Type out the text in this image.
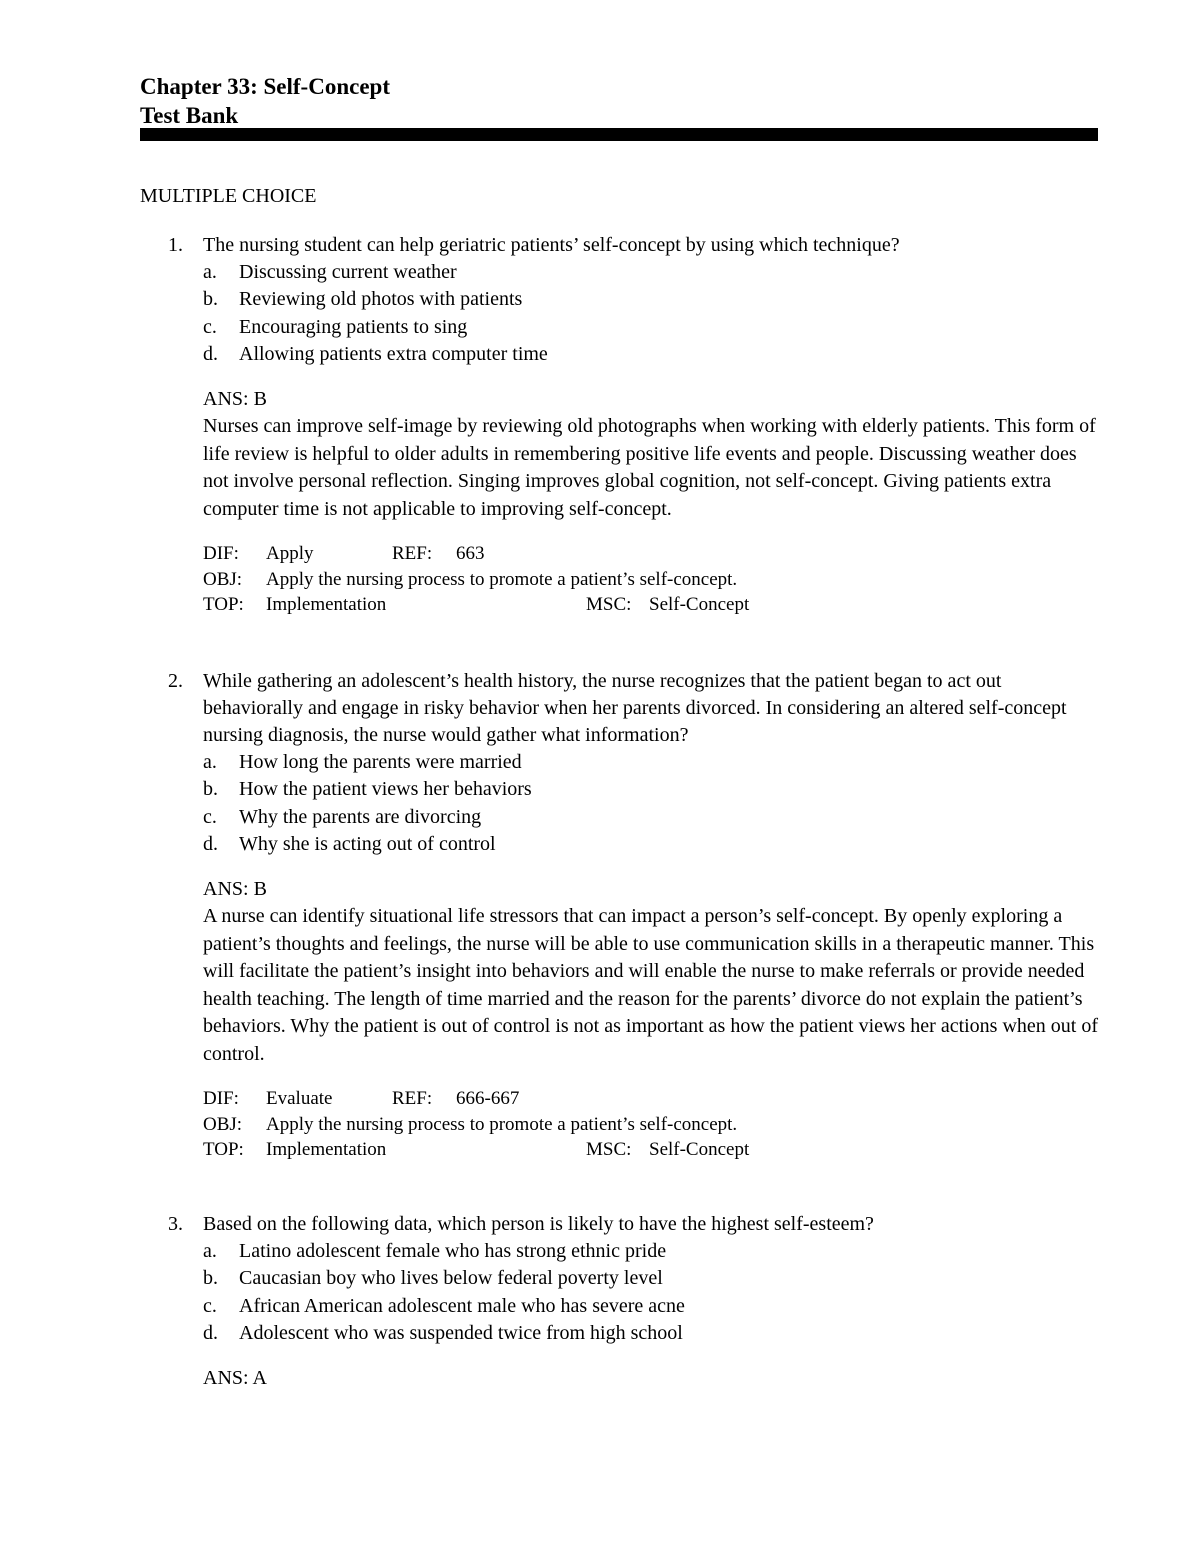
Chapter 33: Self-Concept
Test Bank
MULTIPLE CHOICE
1. The nursing student can help geriatric patients’ self-concept by using which technique?
a. Discussing current weather
b. Reviewing old photos with patients
c. Encouraging patients to sing
d. Allowing patients extra computer time
ANS: B
Nurses can improve self-image by reviewing old photographs when working with elderly patients. This form of life review is helpful to older adults in remembering positive life events and people. Discussing weather does not involve personal reflection. Singing improves global cognition, not self-concept. Giving patients extra computer time is not applicable to improving self-concept.
DIF: Apply	REF: 663
OBJ: Apply the nursing process to promote a patient’s self-concept.
TOP: Implementation	MSC: Self-Concept
2. While gathering an adolescent’s health history, the nurse recognizes that the patient began to act out behaviorally and engage in risky behavior when her parents divorced. In considering an altered self-concept nursing diagnosis, the nurse would gather what information?
a. How long the parents were married
b. How the patient views her behaviors
c. Why the parents are divorcing
d. Why she is acting out of control
ANS: B
A nurse can identify situational life stressors that can impact a person’s self-concept. By openly exploring a patient’s thoughts and feelings, the nurse will be able to use communication skills in a therapeutic manner. This will facilitate the patient’s insight into behaviors and will enable the nurse to make referrals or provide needed health teaching. The length of time married and the reason for the parents’ divorce do not explain the patient’s behaviors. Why the patient is out of control is not as important as how the patient views her actions when out of control.
DIF: Evaluate	REF: 666-667
OBJ: Apply the nursing process to promote a patient’s self-concept.
TOP: Implementation	MSC: Self-Concept
3. Based on the following data, which person is likely to have the highest self-esteem?
a. Latino adolescent female who has strong ethnic pride
b. Caucasian boy who lives below federal poverty level
c. African American adolescent male who has severe acne
d. Adolescent who was suspended twice from high school
ANS: A
